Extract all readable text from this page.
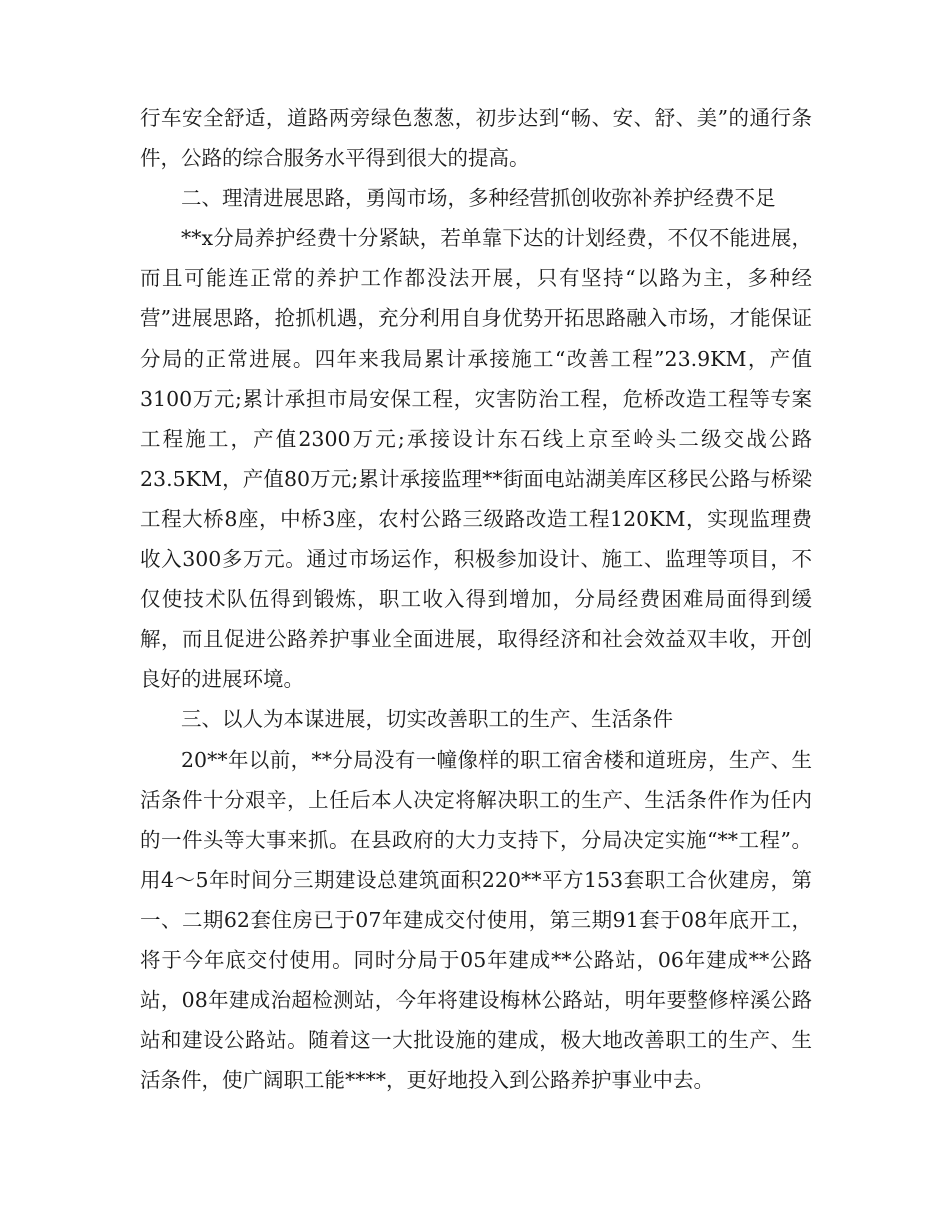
行车安全舒适，道路两旁绿色葱葱，初步达到“畅、安、舒、美”的通行条件，公路的综合服务水平得到很大的提高。

二、理清进展思路，勇闯市场，多种经营抓创收弥补养护经费不足

**x分局养护经费十分紧缺，若单靠下达的计划经费，不仅不能进展，而且可能连正常的养护工作都没法开展，只有坚持“以路为主，多种经营”进展思路，抢抓机遇，充分利用自身优势开拓思路融入市场，才能保证分局的正常进展。四年来我局累计承接施工“改善工程”23.9KM，产值3100万元;累计承担市局安保工程，灾害防治工程，危桥改造工程等专案工程施工，产值2300万元;承接设计东石线上京至岭头二级交战公路23.5KM，产值80万元;累计承接监理**街面电站湖美库区移民公路与桥梁工程大桥8座，中桥3座，农村公路三级路改造工程120KM，实现监理费收入300多万元。通过市场运作，积极参加设计、施工、监理等项目，不仅使技术队伍得到锻炼，职工收入得到增加，分局经费困难局面得到缓解，而且促进公路养护事业全面进展，取得经济和社会效益双丰收，开创良好的进展环境。

三、以人为本谋进展，切实改善职工的生产、生活条件

20**年以前，**分局没有一幢像样的职工宿舍楼和道班房，生产、生活条件十分艰辛，上任后本人决定将解决职工的生产、生活条件作为任内的一件头等大事来抓。在县政府的大力支持下，分局决定实施“**工程”。用4～5年时间分三期建设总建筑面积220**平方153套职工合伙建房，第一、二期62套住房已于07年建成交付使用，第三期91套于08年底开工，将于今年底交付使用。同时分局于05年建成**公路站，06年建成**公路站，08年建成治超检测站，今年将建设梅林公路站，明年要整修梓溪公路站和建设公路站。随着这一大批设施的建成，极大地改善职工的生产、生活条件，使广阔职工能****，更好地投入到公路养护事业中去。
